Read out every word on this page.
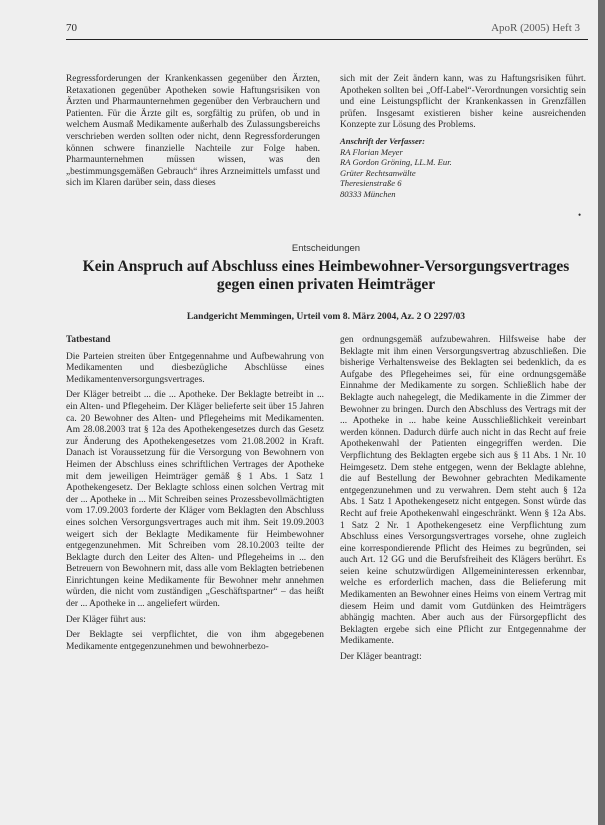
70	ApoR (2005) Heft 3

Regressforderungen der Krankenkassen gegenüber den Ärzten, Retaxationen gegenüber Apotheken sowie Haftungsrisiken von Ärzten und Pharmaunternehmen gegenüber den Verbrauchern und Patienten. Für die Ärzte gilt es, sorgfältig zu prüfen, ob und in welchem Ausmaß Medikamente außerhalb des Zulassungsbereichs verschrieben werden sollten oder nicht, denn Regressforderungen können schwere finanzielle Nachteile zur Folge haben. Pharmaunternehmen müssen wissen, was den „bestimmungsgemäßen Gebrauch“ ihres Arzneimittels umfasst und sich im Klaren darüber sein, dass dieses

sich mit der Zeit ändern kann, was zu Haftungsrisiken führt. Apotheken sollten bei „Off-Label“-Verordnungen vorsichtig sein und eine Leistungspflicht der Krankenkassen in Grenzfällen prüfen. Insgesamt existieren bisher keine ausreichenden Konzepte zur Lösung des Problems.

Anschrift der Verfasser:
RA Florian Meyer
RA Gordon Gröning, LL.M. Eur.
Grüter Rechtsanwälte
Theresienstraße 6
80333 München
•
Entscheidungen
Kein Anspruch auf Abschluss eines Heimbewohner-Versorgungsvertrages gegen einen privaten Heimträger
Landgericht Memmingen, Urteil vom 8. März 2004, Az. 2 O 2297/03
Tatbestand

Die Parteien streiten über Entgegennahme und Aufbewahrung von Medikamenten und diesbezügliche Abschlüsse eines Medikamentenversorgungsvertrages.

Der Kläger betreibt ... die ... Apotheke. Der Beklagte betreibt in ... ein Alten- und Pflegeheim. Der Kläger belieferte seit über 15 Jahren ca. 20 Bewohner des Alten- und Pflegeheims mit Medikamenten. Am 28.08.2003 trat § 12a des Apothekengesetzes durch das Gesetz zur Änderung des Apothekengesetzes vom 21.08.2002 in Kraft. Danach ist Voraussetzung für die Versorgung von Bewohnern von Heimen der Abschluss eines schriftlichen Vertrages der Apotheke mit dem jeweiligen Heimträger gemäß § 1 Abs. 1 Satz 1 Apothekengesetz. Der Beklagte schloss einen solchen Vertrag mit der ... Apotheke in ... Mit Schreiben seines Prozessbevollmächtigten vom 17.09.2003 forderte der Kläger vom Beklagten den Abschluss eines solchen Versorgungsvertrages auch mit ihm. Seit 19.09.2003 weigert sich der Beklagte Medikamente für Heimbewohner entgegenzunehmen. Mit Schreiben vom 28.10.2003 teilte der Beklagte durch den Leiter des Alten- und Pflegeheims in ... den Betreuern von Bewohnern mit, dass alle vom Beklagten betriebenen Einrichtungen keine Medikamente für Bewohner mehr annehmen würden, die nicht vom zuständigen „Geschäftspartner“ – das heißt der ... Apotheke in ... angeliefert würden.

Der Kläger führt aus:

Der Beklagte sei verpflichtet, die von ihm abgegebenen Medikamente entgegenzunehmen und bewohnerbezo-

gen ordnungsgemäß aufzubewahren. Hilfsweise habe der Beklagte mit ihm einen Versorgungsvertrag abzuschließen. Die bisherige Verhaltensweise des Beklagten sei bedenklich, da es Aufgabe des Pflegeheimes sei, für eine ordnungsgemäße Einnahme der Medikamente zu sorgen. Schließlich habe der Beklagte auch nahegelegt, die Medikamente in die Zimmer der Bewohner zu bringen. Durch den Abschluss des Vertrags mit der ... Apotheke in ... habe keine Ausschließlichkeit vereinbart werden können. Dadurch dürfe auch nicht in das Recht auf freie Apothekenwahl der Patienten eingegriffen werden. Die Verpflichtung des Beklagten ergebe sich aus § 11 Abs. 1 Nr. 10 Heimgesetz. Dem stehe entgegen, wenn der Beklagte ablehne, die auf Bestellung der Bewohner gebrachten Medikamente entgegenzunehmen und zu verwahren. Dem steht auch § 12a Abs. 1 Satz 1 Apothekengesetz nicht entgegen. Sonst würde das Recht auf freie Apothekenwahl eingeschränkt. Wenn § 12a Abs. 1 Satz 2 Nr. 1 Apothekengesetz eine Verpflichtung zum Abschluss eines Versorgungsvertrages vorsehe, ohne zugleich eine korrespondierende Pflicht des Heimes zu begründen, sei auch Art. 12 GG und die Berufsfreiheit des Klägers berührt. Es seien keine schutzwürdigen Allgemeininteressen erkennbar, welche es erforderlich machen, dass die Belieferung mit Medikamenten an Bewohner eines Heims von einem Vertrag mit diesem Heim und damit vom Gutdünken des Heimträgers abhängig machten. Aber auch aus der Fürsorgepflicht des Beklagten ergebe sich eine Pflicht zur Entgegennahme der Medikamente.

Der Kläger beantragt:
